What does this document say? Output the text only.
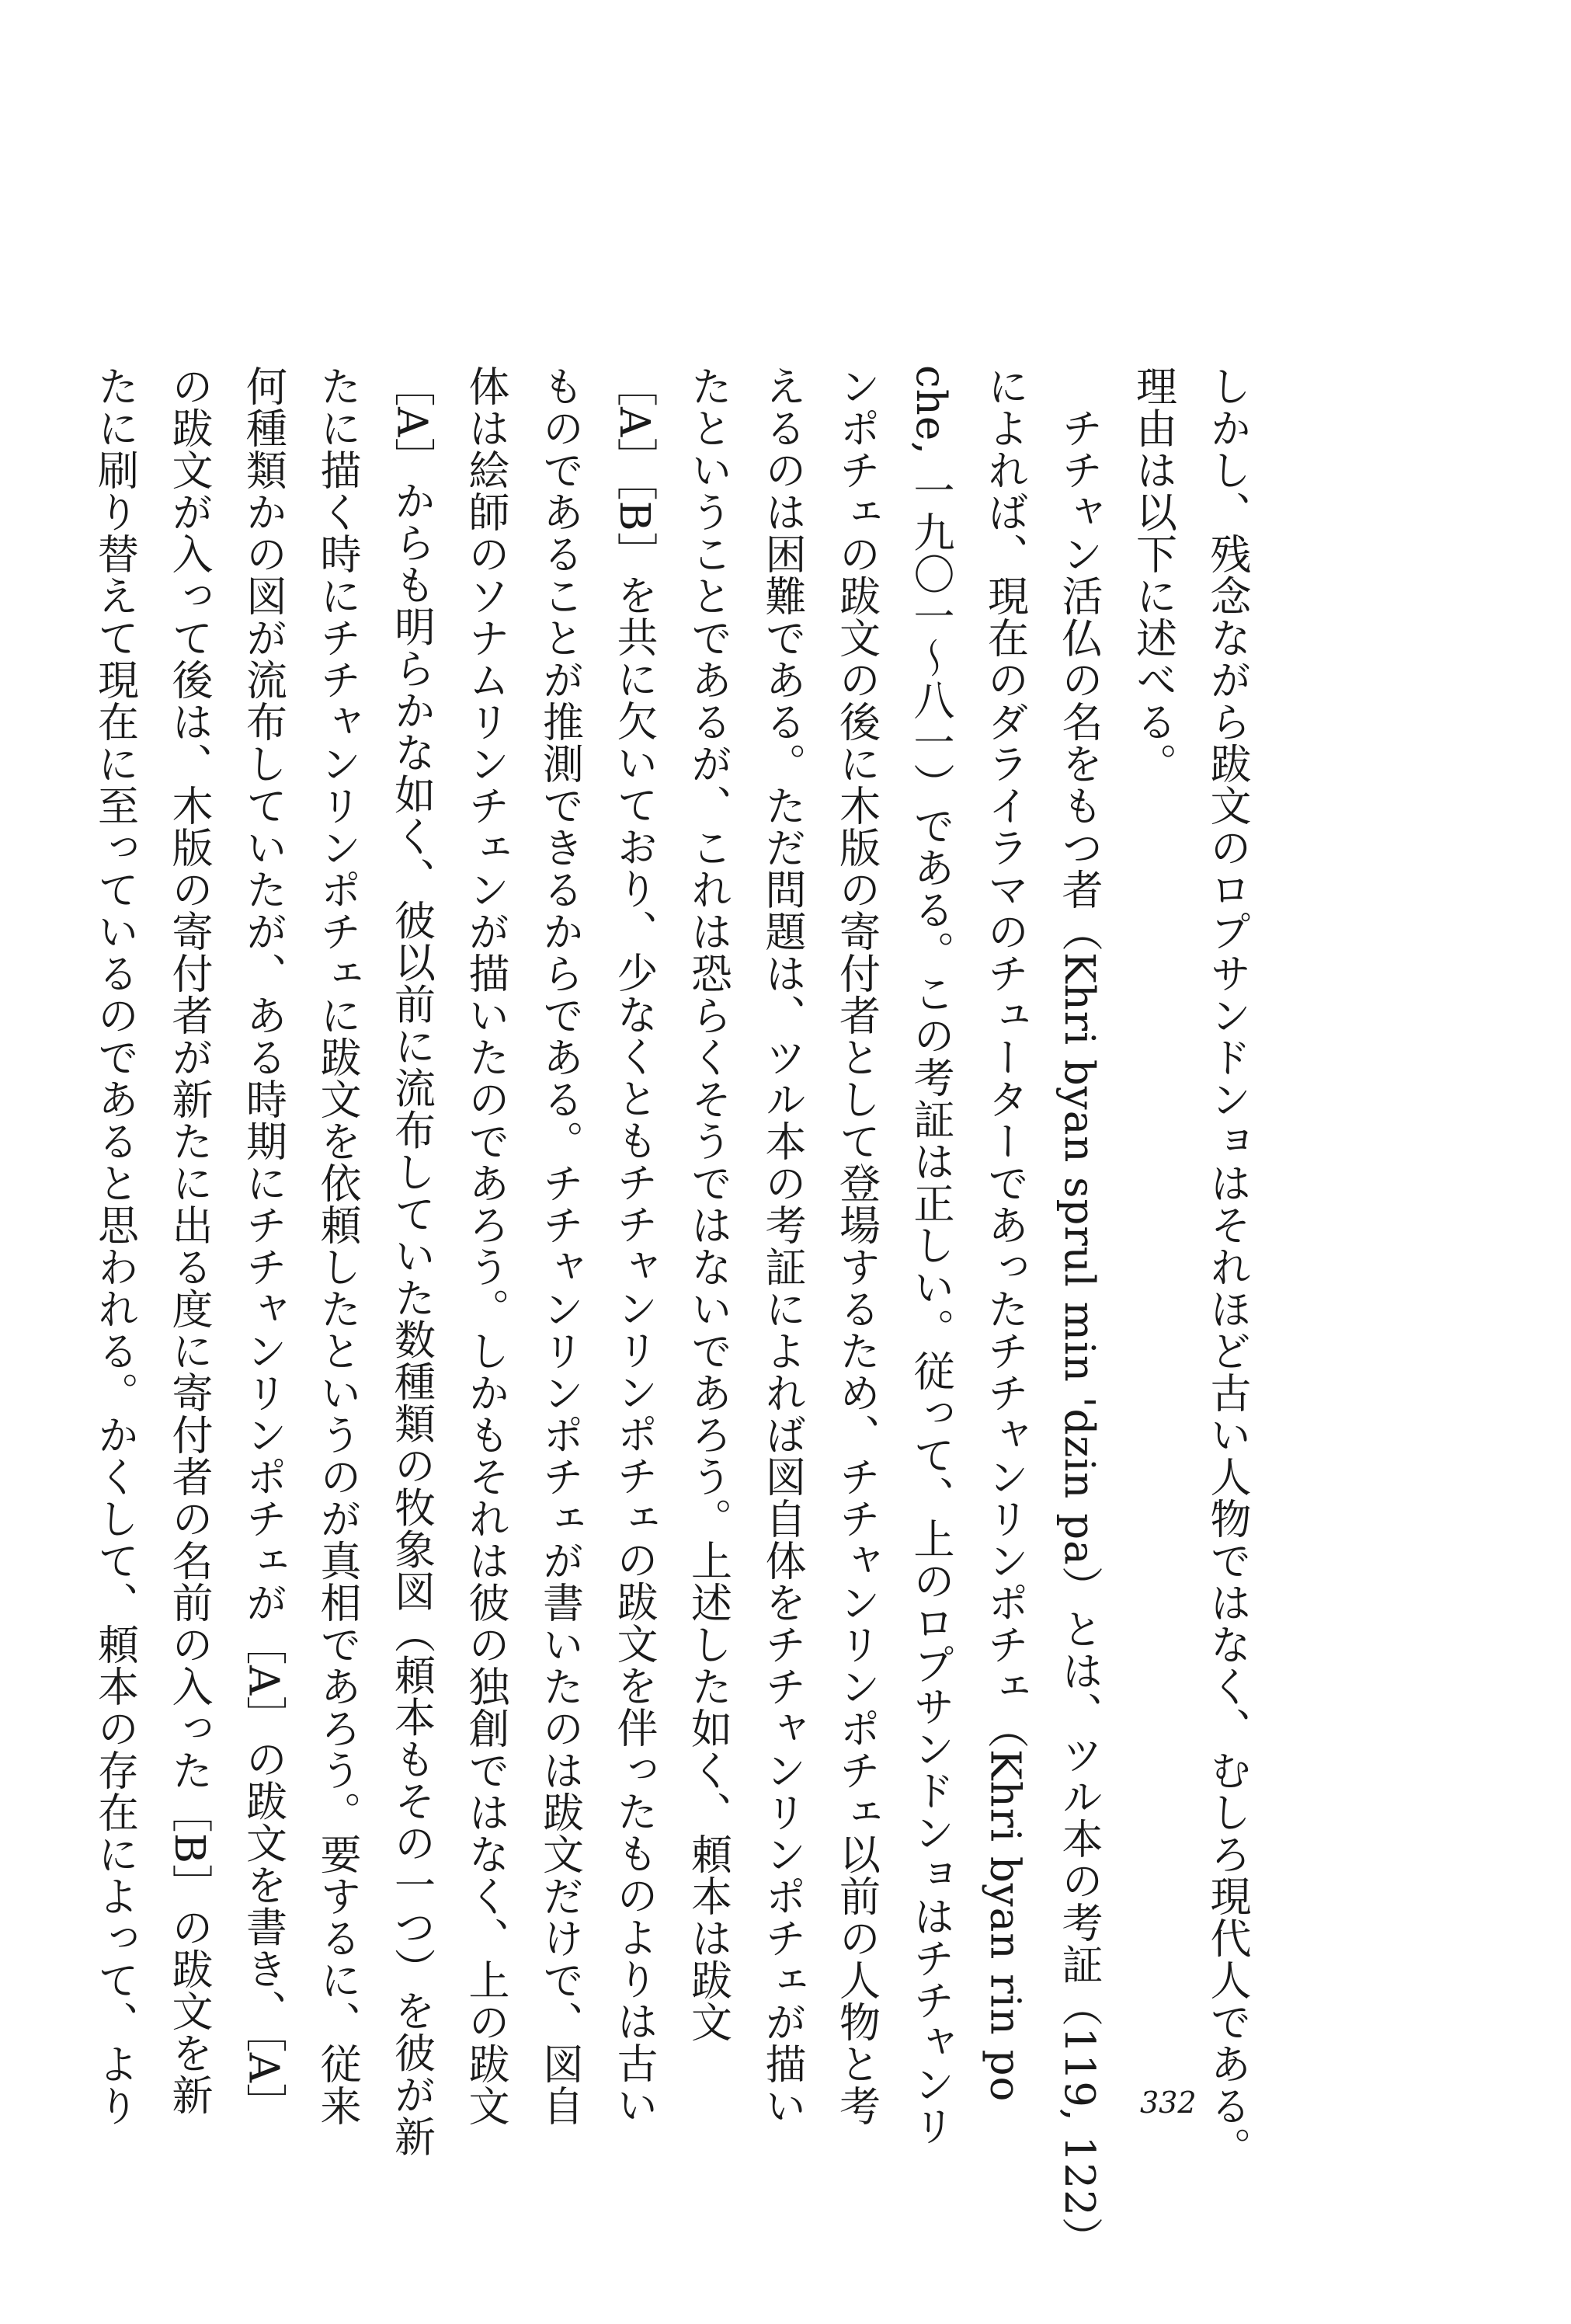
しかし、残念ながら跋文のロプサンドンョはそれほど古い人物ではなく、むしろ現代人である。
理由は以下に述べる。
　チチャン活仏の名をもつ者（Khri byan sprul min 'dzin pa）とは、ツル本の考証（119, 122）
によれば、現在のダライラマのチューターであったチチャンリンポチェ（Khri byan rin po
che, 一九〇一～八一）である。この考証は正しい。従って、上のロプサンドンョはチチャンリ
ンポチェの跋文の後に木版の寄付者として登場するため、チチャンリンポチェ以前の人物と考
えるのは困難である。ただ問題は、ツル本の考証によれば図自体をチチャンリンポチェが描い
たということであるが、これは恐らくそうではないであろう。上述した如く、頼本は跋文
［A］［B］を共に欠いており、少なくともチチャンリンポチェの跋文を伴ったものよりは古い
ものであることが推測できるからである。チチャンリンポチェが書いたのは跋文だけで、図自
体は絵師のソナムリンチェンが描いたのであろう。しかもそれは彼の独創ではなく、上の跋文
［A］からも明らかな如く、彼以前に流布していた数種類の牧象図（頼本もその一つ）を彼が新
たに描く時にチチャンリンポチェに跋文を依頼したというのが真相であろう。要するに、従来
何種類かの図が流布していたが、ある時期にチチャンリンポチェが［A］の跋文を書き、［A］
の跋文が入って後は、木版の寄付者が新たに出る度に寄付者の名前の入った［B］の跋文を新
たに刷り替えて現在に至っているのであると思われる。かくして、頼本の存在によって、より	332
